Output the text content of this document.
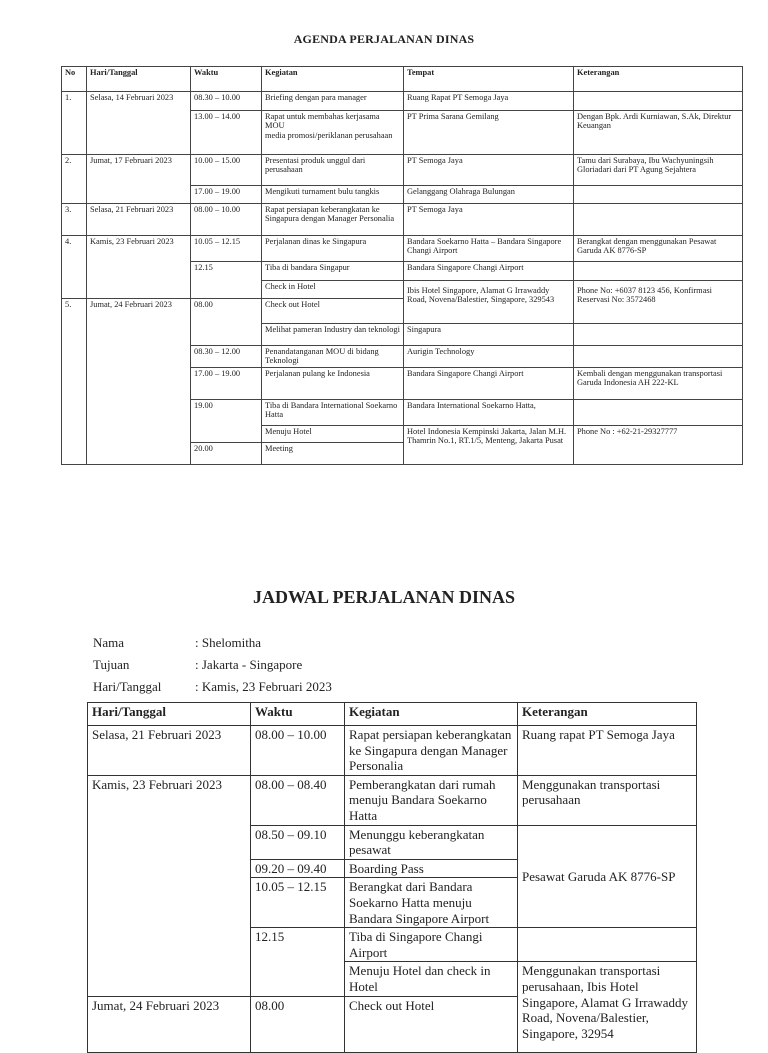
AGENDA PERJALANAN DINAS
No	Hari/Tanggal	Waktu	Kegiatan	Tempat	Keterangan
1.	Selasa, 14 Februari 2023	08.30 – 10.00	Briefing dengan para manager	Ruang Rapat PT Semoga Jaya	
		13.00 – 14.00	Rapat untuk membahas kerjasama MOU
media promosi/periklanan perusahaan	PT Prima Sarana Gemilang	Dengan Bpk. Ardi Kurniawan, S.Ak, Direktur Keuangan
2.	Jumat, 17 Februari 2023	10.00 – 15.00	Presentasi produk unggul dari perusahaan	PT Semoga Jaya	Tamu dari Surabaya, Ibu Wachyuningsih Gloriadari dari PT Agung Sejahtera
		17.00 – 19.00	Mengikuti turnament bulu tangkis	Gelanggang Olahraga Bulungan	
3.	Selasa, 21 Februari 2023	08.00 – 10.00	Rapat persiapan keberangkatan ke Singapura dengan Manager Personalia	PT Semoga Jaya	
4.	Kamis, 23 Februari 2023	10.05 – 12.15	Perjalanan dinas ke Singapura	Bandara Soekarno Hatta – Bandara Singapore Changi Airport	Berangkat dengan menggunakan Pesawat Garuda AK 8776-SP
		12.15	Tiba di bandara Singapur	Bandara Singapore Changi Airport	
			Check in Hotel	Ibis Hotel Singapore, Alamat G Irrawaddy Road, Novena/Balestier, Singapore, 329543	Phone No: +6037 8123 456, Konfirmasi Reservasi No: 3572468
5.	Jumat, 24 Februari 2023	08.00	Check out Hotel		
			Melihat pameran Industry dan teknologi	Singapura	
		08.30 – 12.00	Penandatanganan MOU di bidang Teknologi	Aurigin Technology	
		17.00 – 19.00	Perjalanan pulang ke Indonesia	Bandara Singapore Changi Airport	Kembali dengan menggunakan transportasi Garuda Indonesia AH 222-KL
		19.00	Tiba di Bandara International Soekarno Hatta	Bandara International Soekarno Hatta,	
			Menuju Hotel	Hotel Indonesia Kempinski Jakarta, Jalan M.H. Thamrin No.1, RT.1/5, Menteng, Jakarta Pusat	Phone No : +62-21-29327777
		20.00	Meeting		
JADWAL PERJALANAN DINAS
Nama	: Shelomitha
Tujuan	: Jakarta - Singapore
Hari/Tanggal	: Kamis, 23 Februari 2023
Hari/Tanggal	Waktu	Kegiatan	Keterangan
Selasa, 21 Februari 2023	08.00 – 10.00	Rapat persiapan keberangkatan ke Singapura dengan Manager Personalia	Ruang rapat PT Semoga Jaya
Kamis, 23 Februari 2023	08.00 – 08.40	Pemberangkatan dari rumah menuju Bandara Soekarno Hatta	Menggunakan transportasi perusahaan
	08.50 – 09.10	Menunggu keberangkatan pesawat	Pesawat Garuda AK 8776-SP
	09.20 – 09.40	Boarding Pass	
	10.05 – 12.15	Berangkat dari Bandara Soekarno Hatta menuju Bandara Singapore Airport	
	12.15	Tiba di Singapore Changi Airport	
		Menuju Hotel dan check in Hotel	Menggunakan transportasi perusahaan, Ibis Hotel Singapore, Alamat G Irrawaddy Road, Novena/Balestier, Singapore, 32954
Jumat, 24 Februari 2023	08.00	Check out Hotel	
